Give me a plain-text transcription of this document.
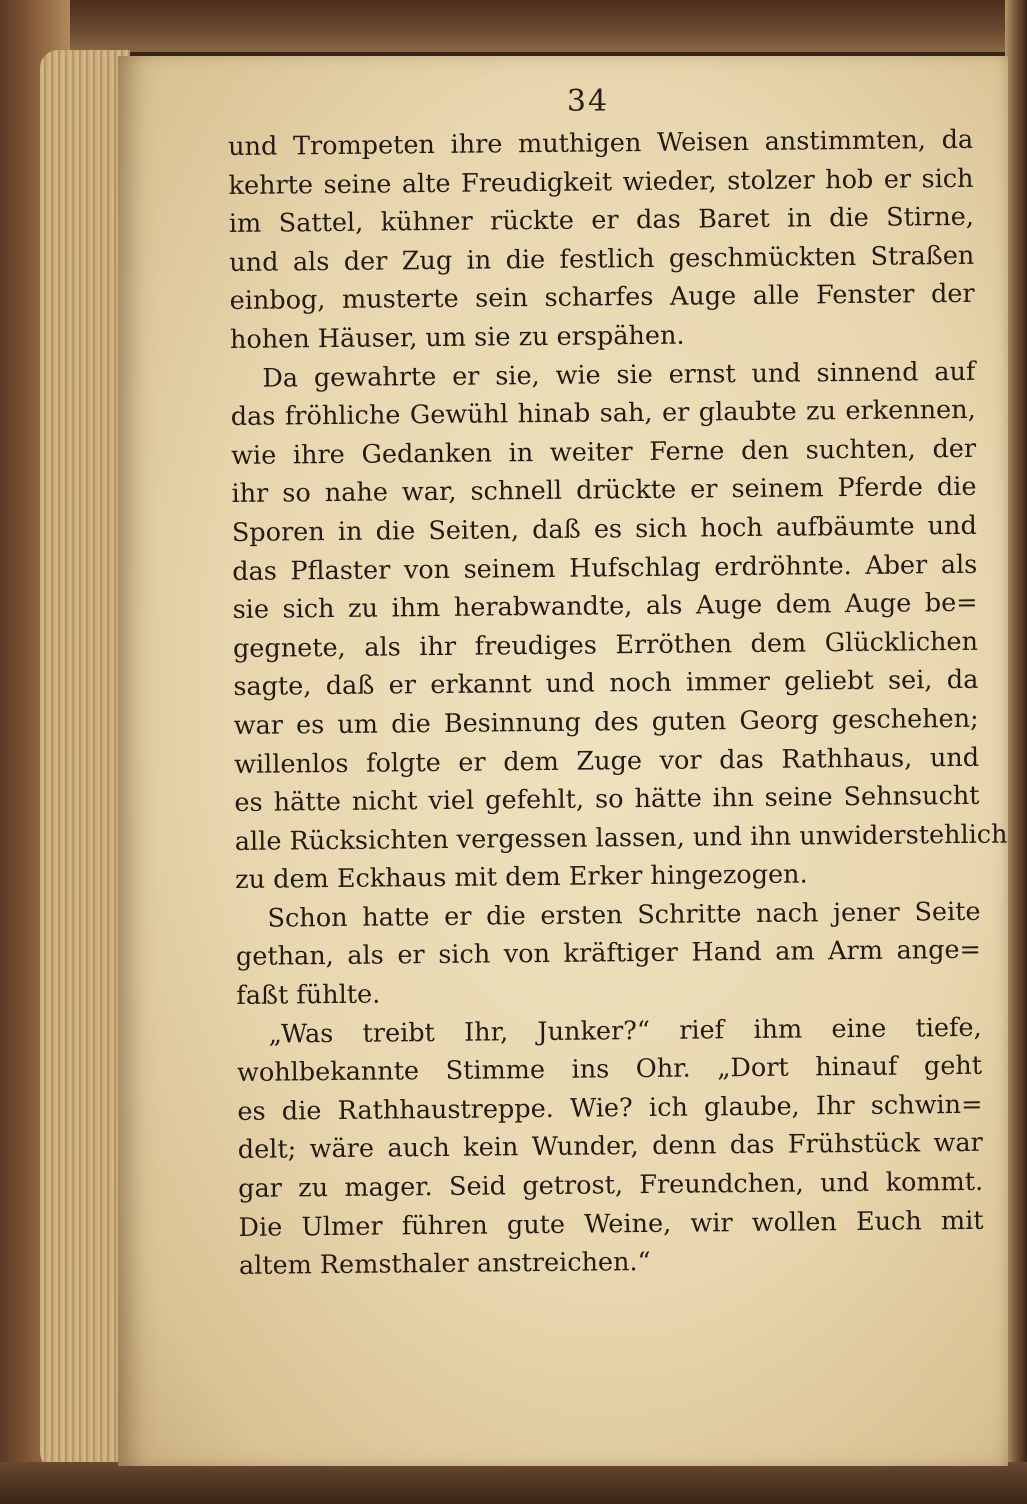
34
und Trompeten ihre muthigen Weisen anstimmten, da
kehrte seine alte Freudigkeit wieder, stolzer hob er sich
im Sattel, kühner rückte er das Baret in die Stirne,
und als der Zug in die festlich geschmückten Straßen
einbog, musterte sein scharfes Auge alle Fenster der
hohen Häuser, um sie zu erspähen.
Da gewahrte er sie, wie sie ernst und sinnend auf
das fröhliche Gewühl hinab sah, er glaubte zu erkennen,
wie ihre Gedanken in weiter Ferne den suchten, der
ihr so nahe war, schnell drückte er seinem Pferde die
Sporen in die Seiten, daß es sich hoch aufbäumte und
das Pflaster von seinem Hufschlag erdröhnte. Aber als
sie sich zu ihm herabwandte, als Auge dem Auge be=
gegnete, als ihr freudiges Erröthen dem Glücklichen
sagte, daß er erkannt und noch immer geliebt sei, da
war es um die Besinnung des guten Georg geschehen;
willenlos folgte er dem Zuge vor das Rathhaus, und
es hätte nicht viel gefehlt, so hätte ihn seine Sehnsucht
alle Rücksichten vergessen lassen, und ihn unwiderstehlich
zu dem Eckhaus mit dem Erker hingezogen.
Schon hatte er die ersten Schritte nach jener Seite
gethan, als er sich von kräftiger Hand am Arm ange=
faßt fühlte.
„Was treibt Ihr, Junker?“ rief ihm eine tiefe,
wohlbekannte Stimme ins Ohr. „Dort hinauf geht
es die Rathhaustreppe. Wie? ich glaube, Ihr schwin=
delt; wäre auch kein Wunder, denn das Frühstück war
gar zu mager. Seid getrost, Freundchen, und kommt.
Die Ulmer führen gute Weine, wir wollen Euch mit
altem Remsthaler anstreichen.“
